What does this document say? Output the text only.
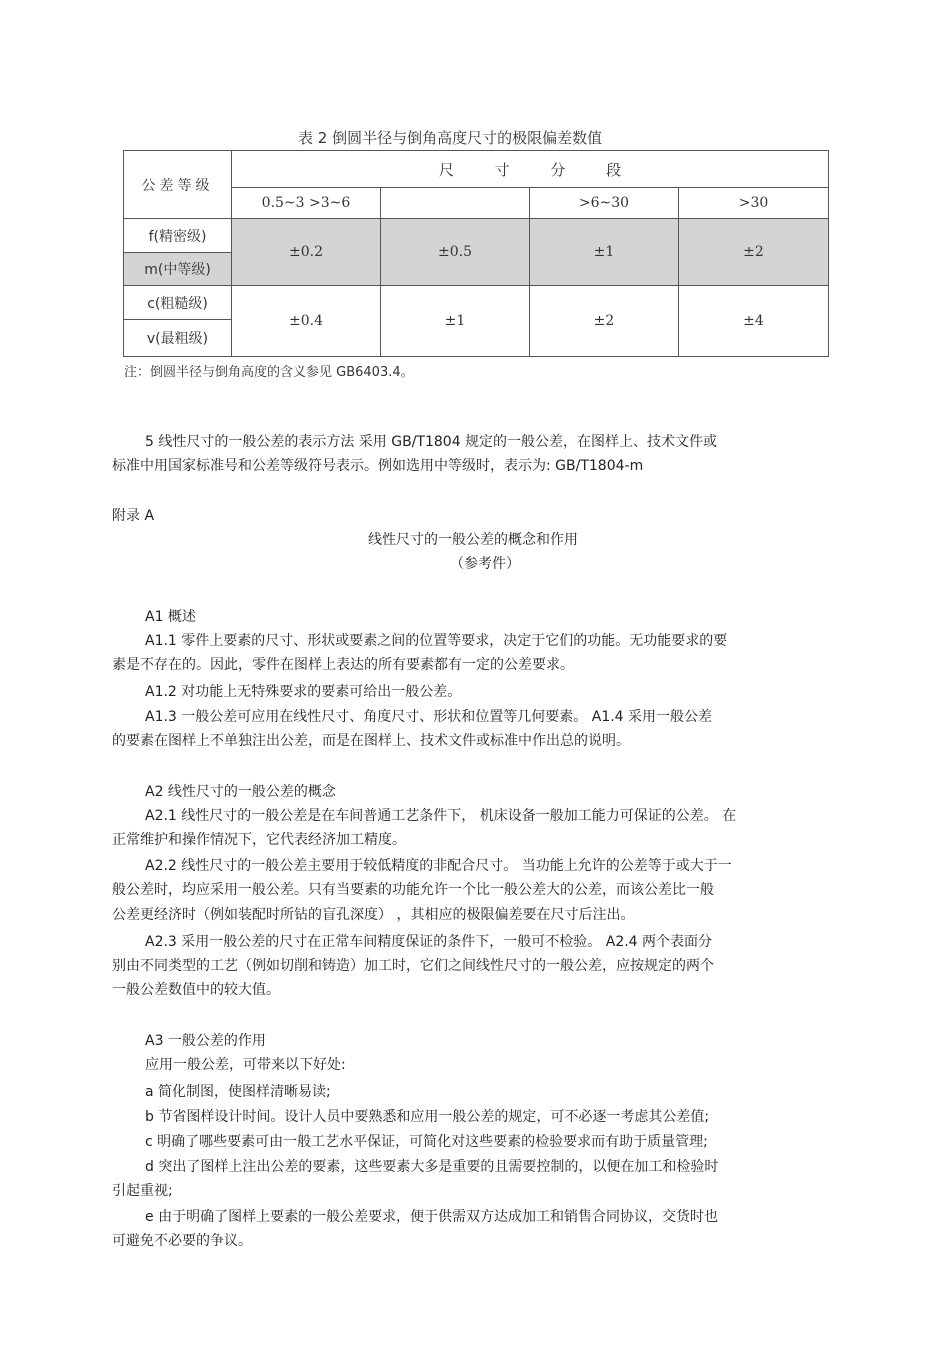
表 2 倒圆半径与倒角高度尺寸的极限偏差数值
公差等级	尺 寸 分 段			
	0.5~3 >3~6		>6~30	>30
f(精密级)	±0.2	±0.5	±1	±2
m(中等级)				
c(粗糙级)	±0.4	±1	±2	±4
v(最粗级)				
注：倒圆半径与倒角高度的含义参见 GB6403.4。
5 线性尺寸的一般公差的表示方法 采用 GB/T1804 规定的一般公差，在图样上、技术文件或
标准中用国家标准号和公差等级符号表示。例如选用中等级时，表示为: GB/T1804-m
附录 A
线性尺寸的一般公差的概念和作用
（参考件）
A1 概述
A1.1 零件上要素的尺寸、形状或要素之间的位置等要求，决定于它们的功能。无功能要求的要
素是不存在的。因此，零件在图样上表达的所有要素都有一定的公差要求。
A1.2 对功能上无特殊要求的要素可给出一般公差。
A1.3 一般公差可应用在线性尺寸、角度尺寸、形状和位置等几何要素。 A1.4 采用一般公差
的要素在图样上不单独注出公差，而是在图样上、技术文件或标准中作出总的说明。
A2 线性尺寸的一般公差的概念
A2.1 线性尺寸的一般公差是在车间普通工艺条件下， 机床设备一般加工能力可保证的公差。 在
正常维护和操作情况下，它代表经济加工精度。
A2.2 线性尺寸的一般公差主要用于较低精度的非配合尺寸。 当功能上允许的公差等于或大于一
般公差时，均应采用一般公差。只有当要素的功能允许一个比一般公差大的公差，而该公差比一般
公差更经济时（例如装配时所钻的盲孔深度） ，其相应的极限偏差要在尺寸后注出。
A2.3 采用一般公差的尺寸在正常车间精度保证的条件下，一般可不检验。 A2.4 两个表面分
别由不同类型的工艺（例如切削和铸造）加工时，它们之间线性尺寸的一般公差，应按规定的两个
一般公差数值中的较大值。
A3 一般公差的作用
应用一般公差，可带来以下好处:
a 简化制图，使图样清晰易读;
b 节省图样设计时间。设计人员中要熟悉和应用一般公差的规定，可不必逐一考虑其公差值;
c 明确了哪些要素可由一般工艺水平保证，可简化对这些要素的检验要求而有助于质量管理;
d 突出了图样上注出公差的要素，这些要素大多是重要的且需要控制的，以便在加工和检验时
引起重视;
e 由于明确了图样上要素的一般公差要求，便于供需双方达成加工和销售合同协议，交货时也
可避免不必要的争议。
